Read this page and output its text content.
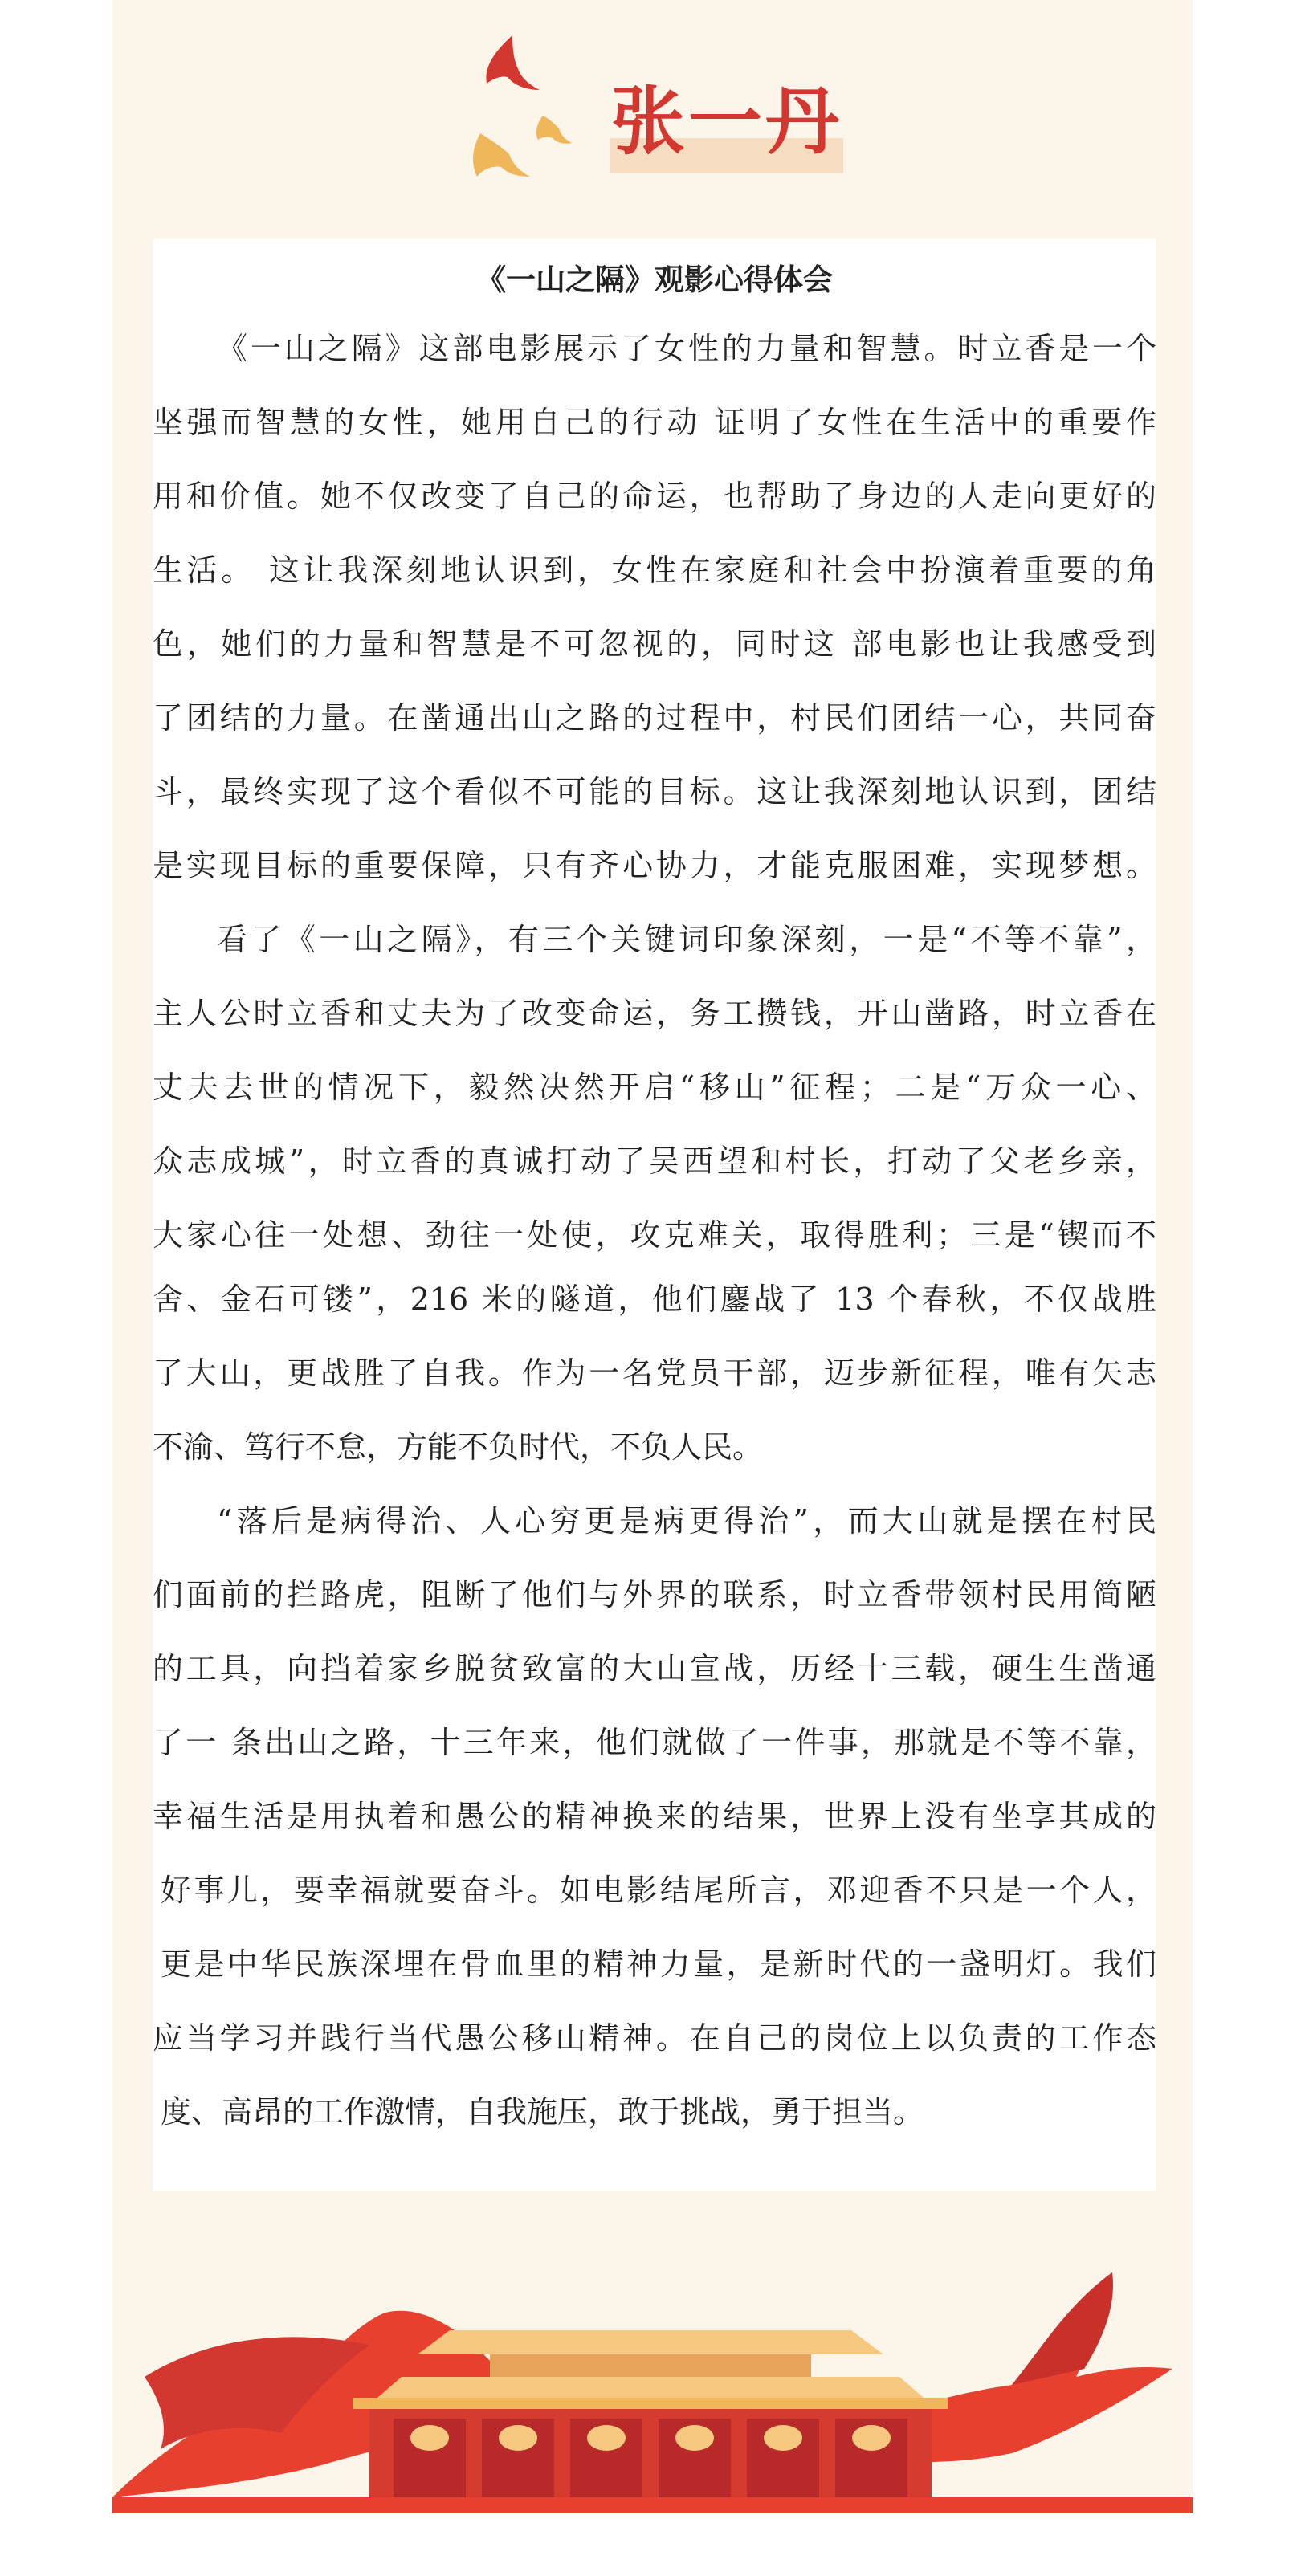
张一丹
《一山之隔》观影心得体会

《一山之隔》这部电影展示了女性的力量和智慧。时立香是一个

坚强而智慧的女性，她用自己的行动 证明了女性在生活中的重要作

用和价值。她不仅改变了自己的命运，也帮助了身边的人走向更好的

生活。 这让我深刻地认识到，女性在家庭和社会中扮演着重要的角

色，她们的力量和智慧是不可忽视的，同时这 部电影也让我感受到

了团结的力量。在凿通出山之路的过程中，村民们团结一心，共同奋

斗，最终实现了这个看似不可能的目标。这让我深刻地认识到，团结

是实现目标的重要保障，只有齐心协力，才能克服困难，实现梦想。

看了《一山之隔》，有三个关键词印象深刻，一是“不等不靠”，

主人公时立香和丈夫为了改变命运，务工攒钱，开山凿路，时立香在

丈夫去世的情况下，毅然决然开启“移山”征程；二是“万众一心、

众志成城”，时立香的真诚打动了吴西望和村长，打动了父老乡亲，

大家心往一处想、劲往一处使，攻克难关，取得胜利；三是“锲而不

舍、金石可镂”，216 米的隧道，他们鏖战了 13 个春秋，不仅战胜

了大山，更战胜了自我。作为一名党员干部，迈步新征程，唯有矢志

不渝、笃行不怠，方能不负时代，不负人民。

“落后是病得治、人心穷更是病更得治”，而大山就是摆在村民

们面前的拦路虎，阻断了他们与外界的联系，时立香带领村民用简陋

的工具，向挡着家乡脱贫致富的大山宣战，历经十三载，硬生生凿通

了一 条出山之路，十三年来，他们就做了一件事，那就是不等不靠，

幸福生活是用执着和愚公的精神换来的结果，世界上没有坐享其成的

好事儿，要幸福就要奋斗。如电影结尾所言，邓迎香不只是一个人，

更是中华民族深埋在骨血里的精神力量，是新时代的一盏明灯。我们

应当学习并践行当代愚公移山精神。在自己的岗位上以负责的工作态

度、高昂的工作激情，自我施压，敢于挑战，勇于担当。
